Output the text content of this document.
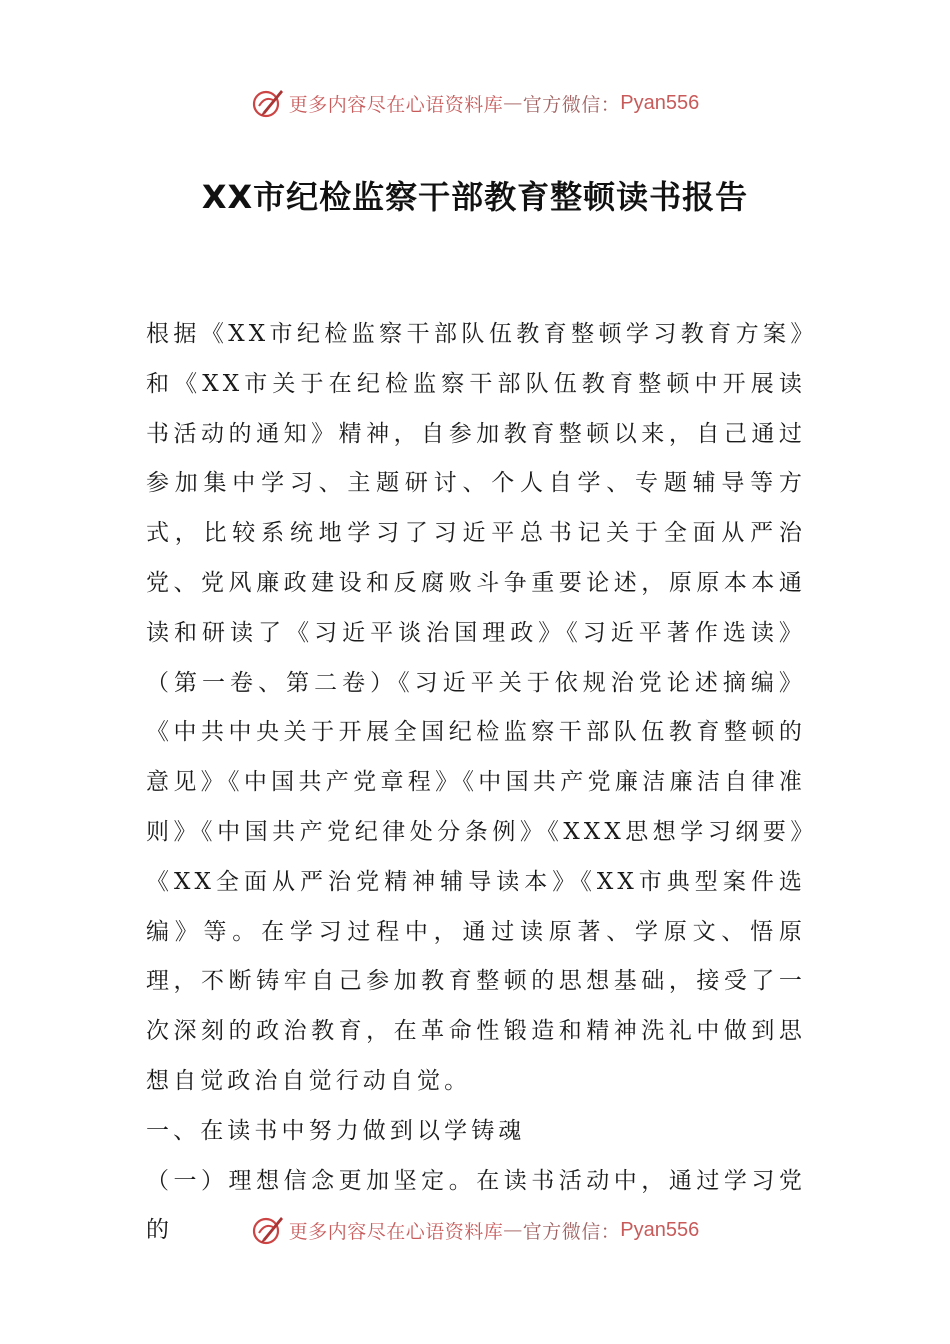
更多内容尽在心语资料库 — 官方微信： Pyan556
XX市纪检监察干部教育整顿读书报告

根据《XX市纪检监察干部队伍教育整顿学习教育方案》和《XX市关于在纪检监察干部队伍教育整顿中开展读书活动的通知》精神，自参加教育整顿以来，自己通过参加集中学习、主题研讨、个人自学、专题辅导等方式，比较系统地学习了习近平总书记关于全面从严治党、党风廉政建设和反腐败斗争重要论述，原原本本通读和研读了《习近平谈治国理政》《习近平著作选读》（第一卷、第二卷）《习近平关于依规治党论述摘编》《中共中央关于开展全国纪检监察干部队伍教育整顿的意见》《中国共产党章程》《中国共产党廉洁廉洁自律准则》《中国共产党纪律处分条例》《XXX思想学习纲要》《XX全面从严治党精神辅导读本》《XX市典型案件选编》等。在学习过程中，通过读原著、学原文、悟原理，不断铸牢自己参加教育整顿的思想基础，接受了一次深刻的政治教育，在革命性锻造和精神洗礼中做到思想自觉政治自觉行动自觉。

一、在读书中努力做到以学铸魂

（一）理想信念更加坚定。在读书活动中，通过学习党的	更多内容尽在心语资料库 — 官方微信： Pyan556
